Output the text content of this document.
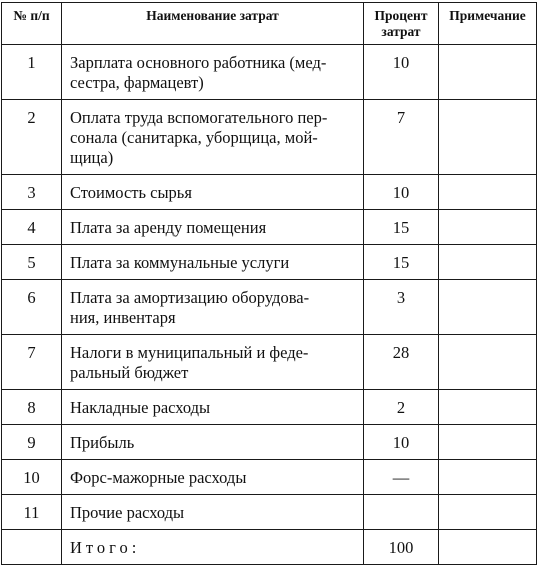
№ п/п	Наименование затрат	Процент
затрат	Примечание
1	Зарплата основного работника (мед-
сестра, фармацевт)	10	
2	Оплата труда вспомогательного пер-
сонала (санитарка, уборщица, мой-
щица)	7	
3	Стоимость сырья	10	
4	Плата за аренду помещения	15	
5	Плата за коммунальные услуги	15	
6	Плата за амортизацию оборудова-
ния, инвентаря	3	
7	Налоги в муниципальный и феде-
ральный бюджет	28	
8	Накладные расходы	2	
9	Прибыль	10	
10	Форс-мажорные расходы	—	
11	Прочие расходы		
	Итого:	100	
